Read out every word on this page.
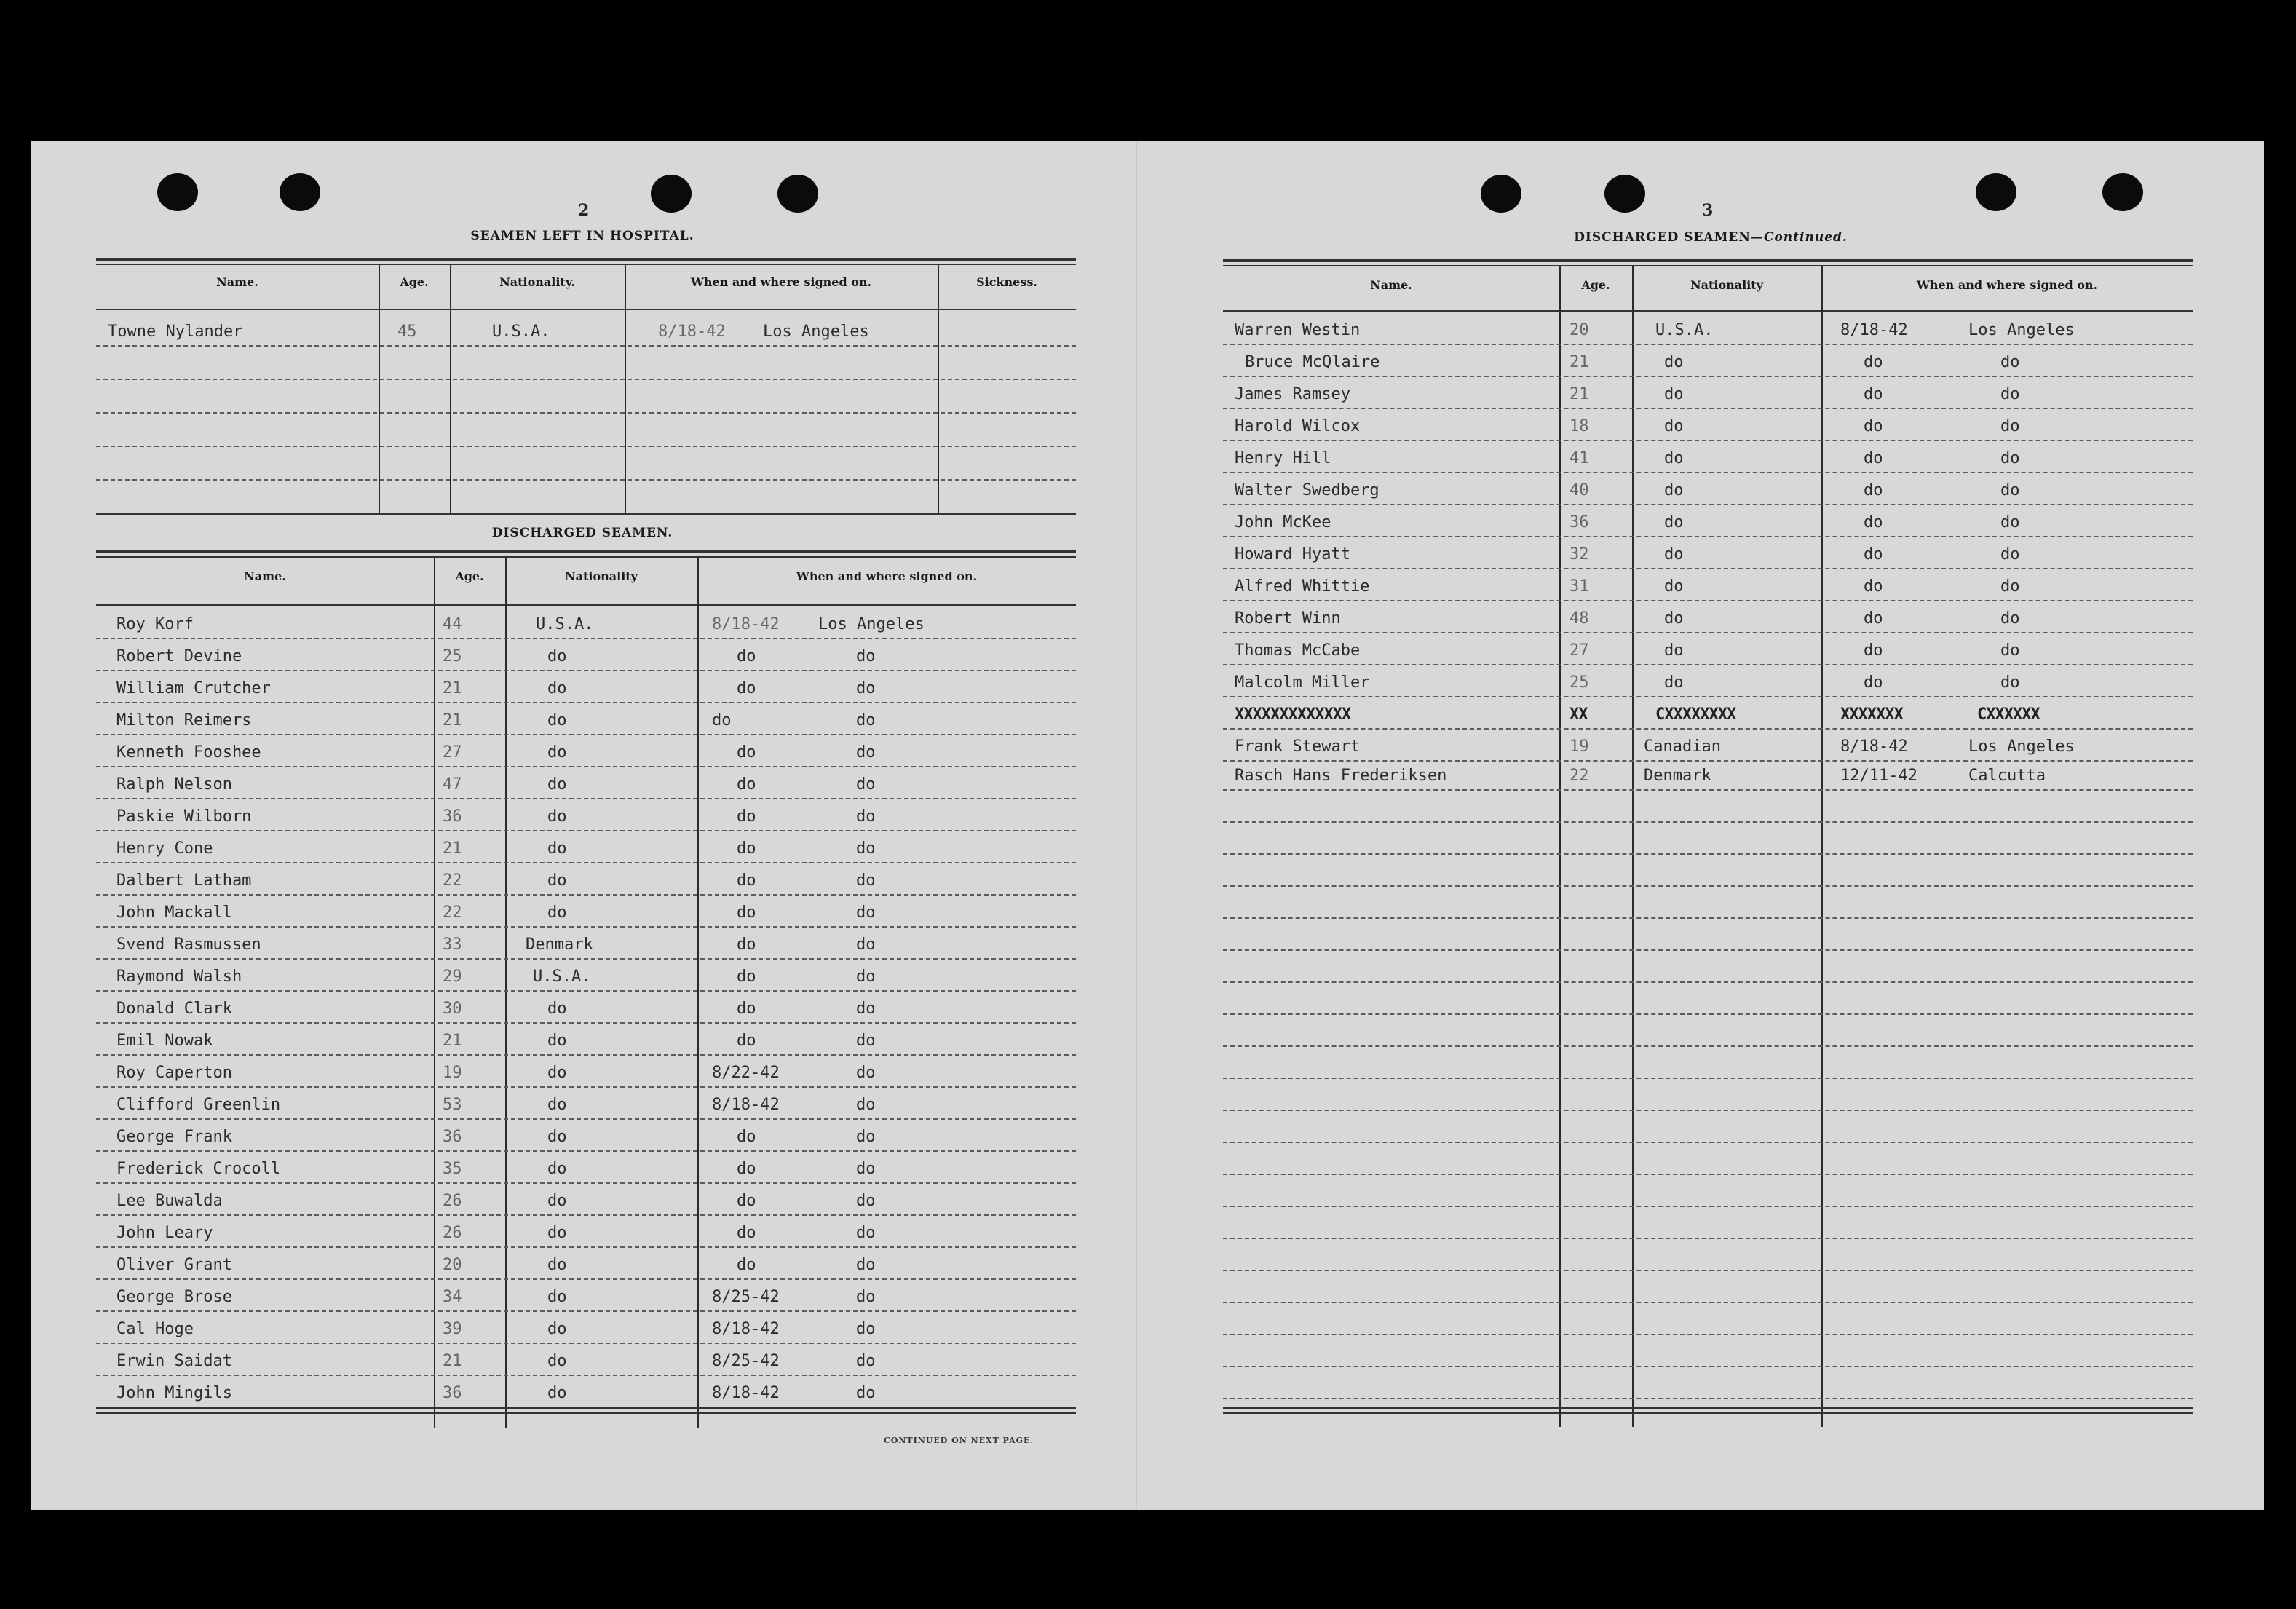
2
SEAMEN LEFT IN HOSPITAL.
Name.	Age.	Nationality.	When and where signed on.	Sickness.
Towne Nylander	45	U.S.A.	8/18-42 Los Angeles
DISCHARGED SEAMEN.
Name.	Age.	Nationality	When and where signed on.
Roy Korf	44	U.S.A.	8/18-42 Los Angeles
Robert Devine	25	do	do	do
William Crutcher	21	do	do	do
Milton Reimers	21	do	do	do
Kenneth Fooshee	27	do	do	do
Ralph Nelson	47	do	do	do
Paskie Wilborn	36	do	do	do
Henry Cone	21	do	do	do
Dalbert Latham	22	do	do	do
John Mackall	22	do	do	do
Svend Rasmussen	33	Denmark	do	do
Raymond Walsh	29	U.S.A.	do	do
Donald Clark	30	do	do	do
Emil Nowak	21	do	do	do
Roy Caperton	19	do	8/22-42	do
Clifford Greenlin	53	do	8/18-42	do
George Frank	36	do	do	do
Frederick Crocoll	35	do	do	do
Lee Buwalda	26	do	do	do
John Leary	26	do	do	do
Oliver Grant	20	do	do	do
George Brose	34	do	8/25-42	do
Cal Hoge	39	do	8/18-42	do
Erwin Saidat	21	do	8/25-42	do
John Mingils	36	do	8/18-42	do
CONTINUED ON NEXT PAGE.
3
DISCHARGED SEAMEN—Continued.
Name.	Age.	Nationality	When and where signed on.
Warren Westin	20	U.S.A.	8/18-42	Los Angeles
Bruce McQlaire	21	do	do	do
James Ramsey	21	do	do	do
Harold Wilcox	18	do	do	do
Henry Hill	41	do	do	do
Walter Swedberg	40	do	do	do
John McKee	36	do	do	do
Howard Hyatt	32	do	do	do
Alfred Whittie	31	do	do	do
Robert Winn	48	do	do	do
Thomas McCabe	27	do	do	do
Malcolm Miller	25	do	do	do
XXXXXXXXXXXXX	XX	CXXXXXXXX	XXXXXXX	CXXXXXX
Frank Stewart	19	Canadian	8/18-42	Los Angeles
Rasch Hans Frederiksen	22	Denmark	12/11-42	Calcutta
